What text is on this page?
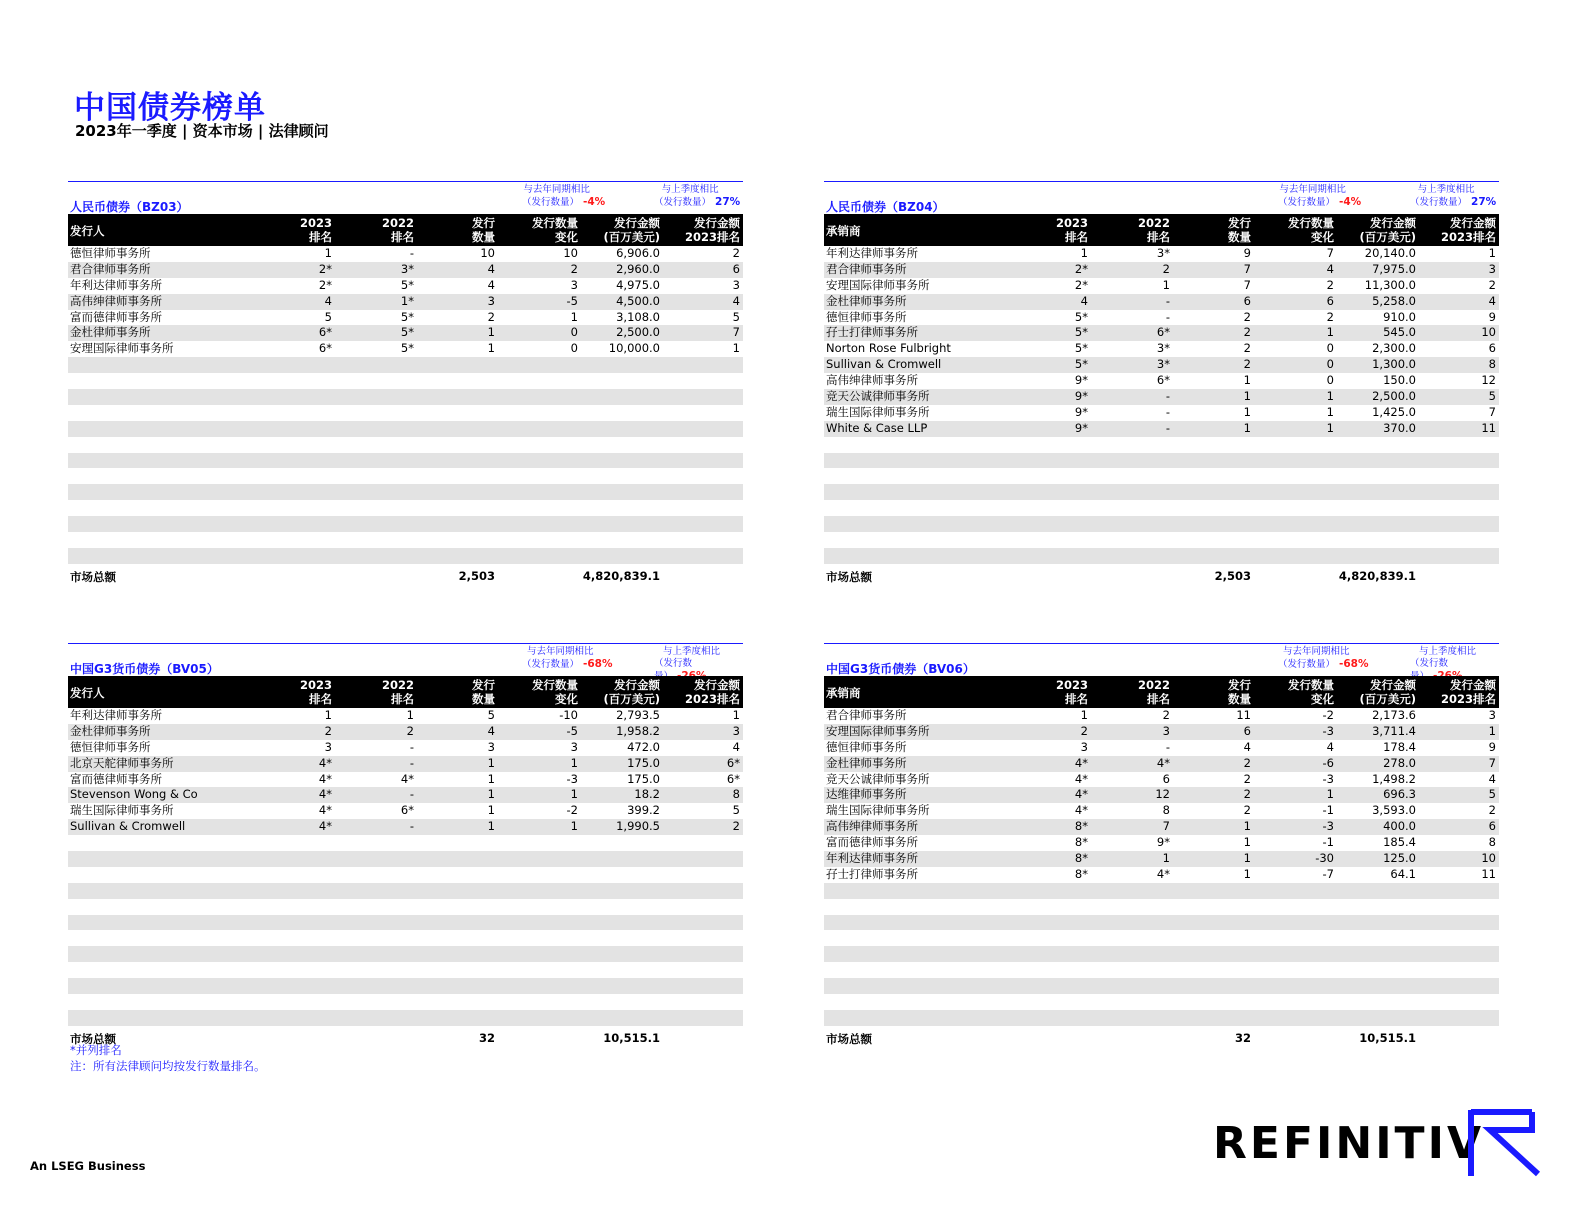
中国债券榜单
2023年一季度 | 资本市场 | 法律顾问
人民币债券（BZ03）
与去年同期相比
（发行数量） -4%
与上季度相比
（发行数量） 27%
发行人
2023
排名
2022
排名
发行
数量
发行数量
变化
发行金额
(百万美元)
发行金额
2023排名
德恒律师事务所	1	-	10	10	6,906.0	2
君合律师事务所	2*	3*	4	2	2,960.0	6
年利达律师事务所	2*	5*	4	3	4,975.0	3
高伟绅律师事务所	4	1*	3	-5	4,500.0	4
富而德律师事务所	5	5*	2	1	3,108.0	5
金杜律师事务所	6*	5*	1	0	2,500.0	7
安理国际律师事务所	6*	5*	1	0	10,000.0	1
市场总额	2,503	4,820,839.1
人民币债券（BZ04）
与去年同期相比
（发行数量） -4%
与上季度相比
（发行数量） 27%
承销商
2023
排名
2022
排名
发行
数量
发行数量
变化
发行金额
(百万美元)
发行金额
2023排名
年利达律师事务所	1	3*	9	7	20,140.0	1
君合律师事务所	2*	2	7	4	7,975.0	3
安理国际律师事务所	2*	1	7	2	11,300.0	2
金杜律师事务所	4	-	6	6	5,258.0	4
德恒律师事务所	5*	-	2	2	910.0	9
孖士打律师事务所	5*	6*	2	1	545.0	10
Norton Rose Fulbright	5*	3*	2	0	2,300.0	6
Sullivan & Cromwell	5*	3*	2	0	1,300.0	8
高伟绅律师事务所	9*	6*	1	0	150.0	12
竞天公诚律师事务所	9*	-	1	1	2,500.0	5
瑞生国际律师事务所	9*	-	1	1	1,425.0	7
White & Case LLP	9*	-	1	1	370.0	11
市场总额	2,503	4,820,839.1
中国G3货币债券（BV05）
与去年同期相比
（发行数量） -68%
与上季度相比
（发行数
发行人
2023
排名
2022
排名
发行
数量
发行数量
变化
发行金额
(百万美元)
发行金额
2023排名
年利达律师事务所	1	1	5	-10	2,793.5	1
金杜律师事务所	2	2	4	-5	1,958.2	3
德恒律师事务所	3	-	3	3	472.0	4
北京天舵律师事务所	4*	-	1	1	175.0	6*
富而德律师事务所	4*	4*	1	-3	175.0	6*
Stevenson Wong & Co	4*	-	1	1	18.2	8
瑞生国际律师事务所	4*	6*	1	-2	399.2	5
Sullivan & Cromwell	4*	-	1	1	1,990.5	2
市场总额	32	10,515.1
中国G3货币债券（BV06）
与去年同期相比
（发行数量） -68%
与上季度相比
（发行数
承销商
2023
排名
2022
排名
发行
数量
发行数量
变化
发行金额
(百万美元)
发行金额
2023排名
君合律师事务所	1	2	11	-2	2,173.6	3
安理国际律师事务所	2	3	6	-3	3,711.4	1
德恒律师事务所	3	-	4	4	178.4	9
金杜律师事务所	4*	4*	2	-6	278.0	7
竞天公诚律师事务所	4*	6	2	-3	1,498.2	4
达维律师事务所	4*	12	2	1	696.3	5
瑞生国际律师事务所	4*	8	2	-1	3,593.0	2
高伟绅律师事务所	8*	7	1	-3	400.0	6
富而德律师事务所	8*	9*	1	-1	185.4	8
年利达律师事务所	8*	1	1	-30	125.0	10
孖士打律师事务所	8*	4*	1	-7	64.1	11
市场总额	32	10,515.1
*并列排名
注：所有法律顾问均按发行数量排名。
An LSEG Business	REFINITIV
